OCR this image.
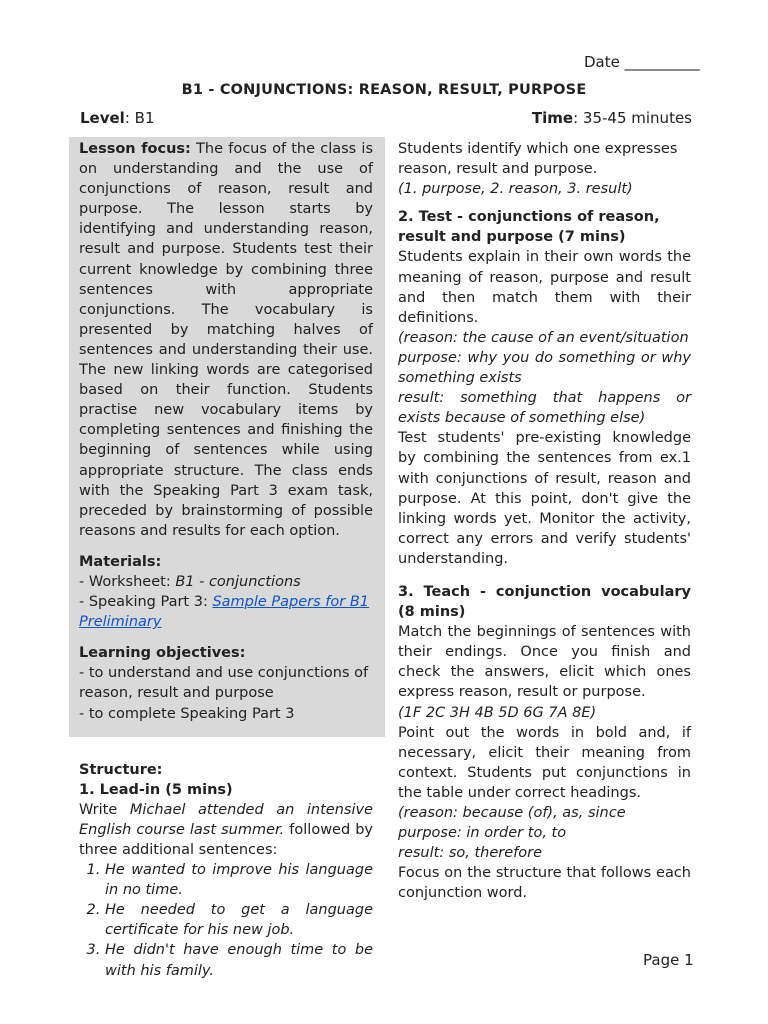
Date __________
B1 - CONJUNCTIONS: REASON, RESULT, PURPOSE
Level: B1	Time: 35-45 minutes

Lesson focus: The focus of the class is on understanding and the use of conjunctions of reason, result and purpose. The lesson starts by identifying and understanding reason, result and purpose. Students test their current knowledge by combining three sentences with appropriate conjunctions. The vocabulary is presented by matching halves of sentences and understanding their use. The new linking words are categorised based on their function. Students practise new vocabulary items by completing sentences and finishing the beginning of sentences while using appropriate structure. The class ends with the Speaking Part 3 exam task, preceded by brainstorming of possible reasons and results for each option.

Materials:

- Worksheet: B1 - conjunctions

- Speaking Part 3: Sample Papers for B1 Preliminary

Learning objectives:

- to understand and use conjunctions of reason, result and purpose

- to complete Speaking Part 3

Structure:

1. Lead-in (5 mins)

Write Michael attended an intensive English course last summer. followed by three additional sentences:

1. He wanted to improve his language in no time.
2. He needed to get a language certificate for his new job.
3. He didn't have enough time to be with his family.

Students identify which one expresses reason, result and purpose.

(1. purpose, 2. reason, 3. result)

2. Test - conjunctions of reason, result and purpose (7 mins)

Students explain in their own words the meaning of reason, purpose and result and then match them with their definitions.

(reason: the cause of an event/situation

purpose: why you do something or why something exists

result: something that happens or exists because of something else)

Test students' pre-existing knowledge by combining the sentences from ex.1 with conjunctions of result, reason and purpose. At this point, don't give the linking words yet. Monitor the activity, correct any errors and verify students' understanding.

3. Teach - conjunction vocabulary (8 mins)

Match the beginnings of sentences with their endings. Once you finish and check the answers, elicit which ones express reason, result or purpose.

(1F 2C 3H 4B 5D 6G 7A 8E)

Point out the words in bold and, if necessary, elicit their meaning from context. Students put conjunctions in the table under correct headings.

(reason: because (of), as, since

purpose: in order to, to

result: so, therefore

Focus on the structure that follows each conjunction word.

Page 1
